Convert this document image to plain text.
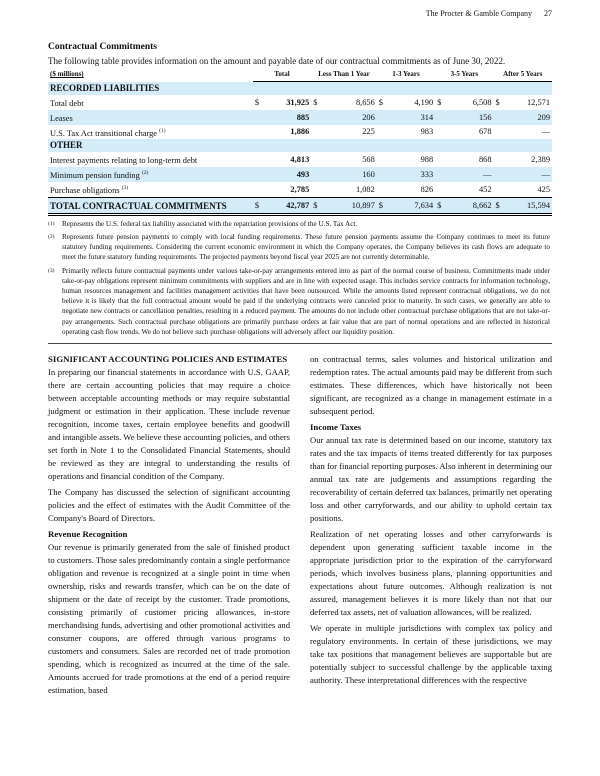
The Procter & Gamble Company 27
Contractual Commitments

The following table provides information on the amount and payable date of our contractual commitments as of June 30, 2022.

($ millions)	Total		Less Than 1 Year		1-3 Years		3-5 Years		After 5 Years	
RECORDED LIABILITIES										
Total debt	$	31,925	$	8,656	$	4,190	$	6,508	$	12,571
Leases		885		206		314		156		209
U.S. Tax Act transitional charge $^{(1)}$		1,886		225		983		678		—
OTHER										
Interest payments relating to long-term debt		4,813		568		988		868		2,389
Minimum pension funding $^{(2)}$		493		160		333		—		—
Purchase obligations $^{(3)}$		2,785		1,082		826		452		425
TOTAL CONTRACTUAL COMMITMENTS	$	42,787	$	10,897	$	7,634	$	8,662	$	15,594
(1)	Represents the U.S. federal tax liability associated with the repatriation provisions of the U.S. Tax Act.
(2)	Represents future pension payments to comply with local funding requirements. These future pension payments assume the Company continues to meet its future statutory funding requirements. Considering the current economic environment in which the Company operates, the Company believes its cash flows are adequate to meet the future statutory funding requirements. The projected payments beyond fiscal year 2025 are not currently determinable.
(3)	Primarily reflects future contractual payments under various take-or-pay arrangements entered into as part of the normal course of business. Commitments made under take-or-pay obligations represent minimum commitments with suppliers and are in line with expected usage. This includes service contracts for information technology, human resources management and facilities management activities that have been outsourced. While the amounts listed represent contractual obligations, we do not believe it is likely that the full contractual amount would be paid if the underlying contracts were canceled prior to maturity. In such cases, we generally are able to negotiate new contracts or cancellation penalties, resulting in a reduced payment. The amounts do not include other contractual purchase obligations that are not take-or-pay arrangements. Such contractual purchase obligations are primarily purchase orders at fair value that are part of normal operations and are reflected in historical operating cash flow trends. We do not believe such purchase obligations will adversely affect our liquidity position.
SIGNIFICANT ACCOUNTING POLICIES AND ESTIMATES

In preparing our financial statements in accordance with U.S. GAAP, there are certain accounting policies that may require a choice between acceptable accounting methods or may require substantial judgment or estimation in their application. These include revenue recognition, income taxes, certain employee benefits and goodwill and intangible assets. We believe these accounting policies, and others set forth in Note 1 to the Consolidated Financial Statements, should be reviewed as they are integral to understanding the results of operations and financial condition of the Company.

The Company has discussed the selection of significant accounting policies and the effect of estimates with the Audit Committee of the Company's Board of Directors.

Revenue Recognition

Our revenue is primarily generated from the sale of finished product to customers. Those sales predominantly contain a single performance obligation and revenue is recognized at a single point in time when ownership, risks and rewards transfer, which can be on the date of shipment or the date of receipt by the customer. Trade promotions, consisting primarily of customer pricing allowances, in-store merchandising funds, advertising and other promotional activities and consumer coupons, are offered through various programs to customers and consumers. Sales are recorded net of trade promotion spending, which is recognized as incurred at the time of the sale. Amounts accrued for trade promotions at the end of a period require estimation, based

on contractual terms, sales volumes and historical utilization and redemption rates. The actual amounts paid may be different from such estimates. These differences, which have historically not been significant, are recognized as a change in management estimate in a subsequent period.

Income Taxes

Our annual tax rate is determined based on our income, statutory tax rates and the tax impacts of items treated differently for tax purposes than for financial reporting purposes. Also inherent in determining our annual tax rate are judgements and assumptions regarding the recoverability of certain deferred tax balances, primarily net operating loss and other carryforwards, and our ability to uphold certain tax positions.

Realization of net operating losses and other carryforwards is dependent upon generating sufficient taxable income in the appropriate jurisdiction prior to the expiration of the carryforward periods, which involves business plans, planning opportunities and expectations about future outcomes. Although realization is not assured, management believes it is more likely than not that our deferred tax assets, net of valuation allowances, will be realized.

We operate in multiple jurisdictions with complex tax policy and regulatory environments. In certain of these jurisdictions, we may take tax positions that management believes are supportable but are potentially subject to successful challenge by the applicable taxing authority. These interpretational differences with the respective
